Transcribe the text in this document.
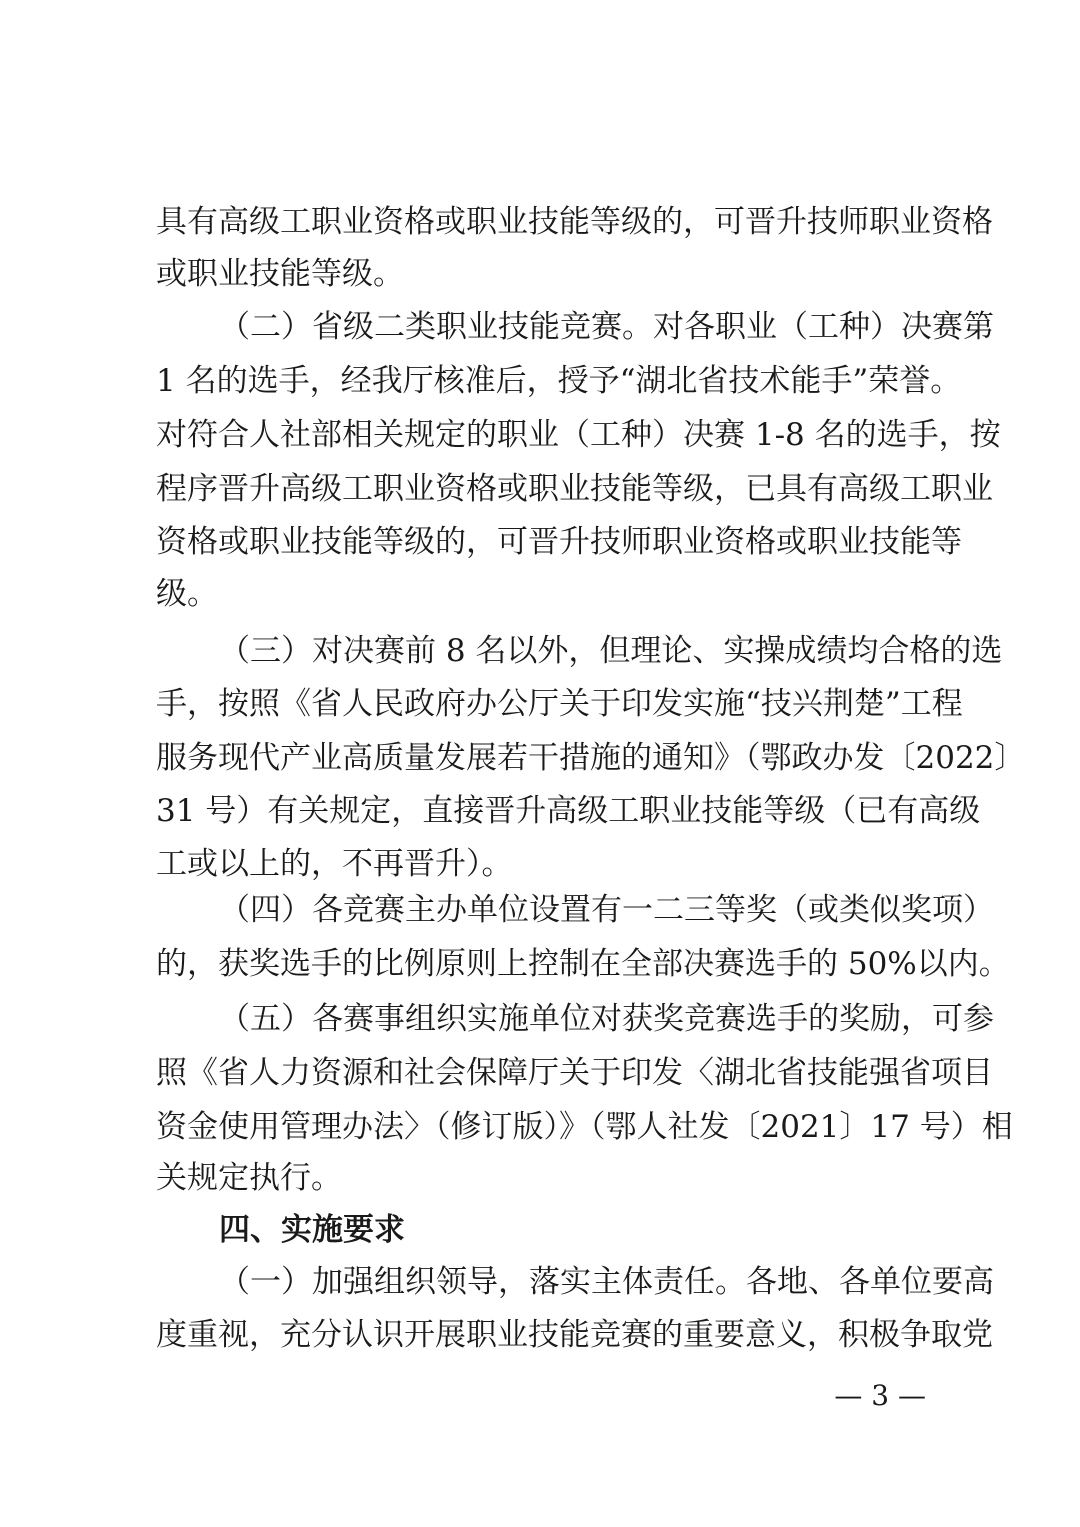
具有高级工职业资格或职业技能等级的，可晋升技师职业资格
或职业技能等级。
（二）省级二类职业技能竞赛。对各职业（工种）决赛第
1 名的选手，经我厅核准后，授予“湖北省技术能手”荣誉。
对符合人社部相关规定的职业（工种）决赛 1-8 名的选手，按
程序晋升高级工职业资格或职业技能等级，已具有高级工职业
资格或职业技能等级的，可晋升技师职业资格或职业技能等
级。
（三）对决赛前 8 名以外，但理论、实操成绩均合格的选
手，按照《省人民政府办公厅关于印发实施“技兴荆楚”工程
服务现代产业高质量发展若干措施的通知》（鄂政办发〔2022〕
31 号）有关规定，直接晋升高级工职业技能等级（已有高级
工或以上的，不再晋升）。
（四）各竞赛主办单位设置有一二三等奖（或类似奖项）
的，获奖选手的比例原则上控制在全部决赛选手的 50%以内。
（五）各赛事组织实施单位对获奖竞赛选手的奖励，可参
照《省人力资源和社会保障厅关于印发〈湖北省技能强省项目
资金使用管理办法〉（修订版）》（鄂人社发〔2021〕17 号）相
关规定执行。
四、实施要求
（一）加强组织领导，落实主体责任。各地、各单位要高
度重视，充分认识开展职业技能竞赛的重要意义，积极争取党
— 3 —
